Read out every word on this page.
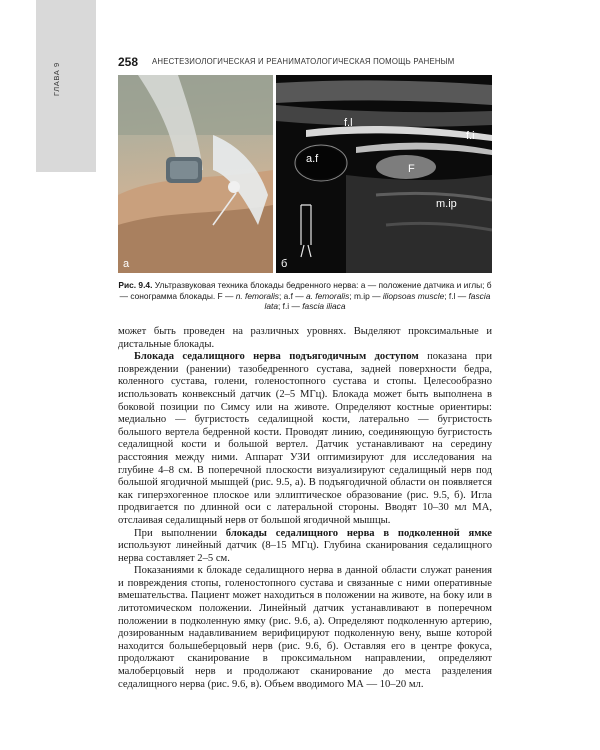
ГЛАВА 9
258 АНЕСТЕЗИОЛОГИЧЕСКАЯ И РЕАНИМАТОЛОГИЧЕСКАЯ ПОМОЩЬ РАНЕНЫМ
а
f.l
f.i
a.f
F
m.ip
б
Рис. 9.4. Ультразвуковая техника блокады бедренного нерва: а — положение датчика и иглы; б — сонограмма блокады. F — n. femoralis; a.f — a. femoralis; m.ip — iliopsoas muscle; f.l — fascia lata; f.i — fascia iliaca

может быть проведен на различных уровнях. Выделяют проксимальные и дистальные блокады.

Блокада седалищного нерва подъягодичным доступом показана при повреждении (ранении) тазобедренного сустава, задней поверхности бедра, коленного сустава, голени, голеностопного сустава и стопы. Целесообразно использовать конвексный датчик (2–5 МГц). Блокада может быть выполнена в боковой позиции по Симсу или на животе. Определяют костные ориентиры: медиально — бугристость седалищной кости, латерально — бугристость большого вертела бедренной кости. Проводят линию, соединяющую бугристость седалищной кости и большой вертел. Датчик устанавливают на середину расстояния между ними. Аппарат УЗИ оптимизируют для исследования на глубине 4–8 см. В поперечной плоскости визуализируют седалищный нерв под большой ягодичной мышцей (рис. 9.5, а). В подъягодичной области он появляется как гиперэхогенное плоское или эллиптическое образование (рис. 9.5, б). Игла продвигается по длинной оси с латеральной стороны. Вводят 10–30 мл МА, отслаивая седалищный нерв от большой ягодичной мышцы.

При выполнении блокады седалищного нерва в подколенной ямке используют линейный датчик (8–15 МГц). Глубина сканирования седалищного нерва составляет 2–5 см.

Показаниями к блокаде седалищного нерва в данной области служат ранения и повреждения стопы, голеностопного сустава и связанные с ними оперативные вмешательства. Пациент может находиться в положении на животе, на боку или в литотомическом положении. Линейный датчик устанавливают в поперечном положении в подколенную ямку (рис. 9.6, а). Определяют подколенную артерию, дозированным надавливанием верифицируют подколенную вену, выше которой находится большеберцовый нерв (рис. 9.6, б). Оставляя его в центре фокуса, продолжают сканирование в проксимальном направлении, определяют малоберцовый нерв и продолжают сканирование до места разделения седалищного нерва (рис. 9.6, в). Объем вводимого МА — 10–20 мл.
